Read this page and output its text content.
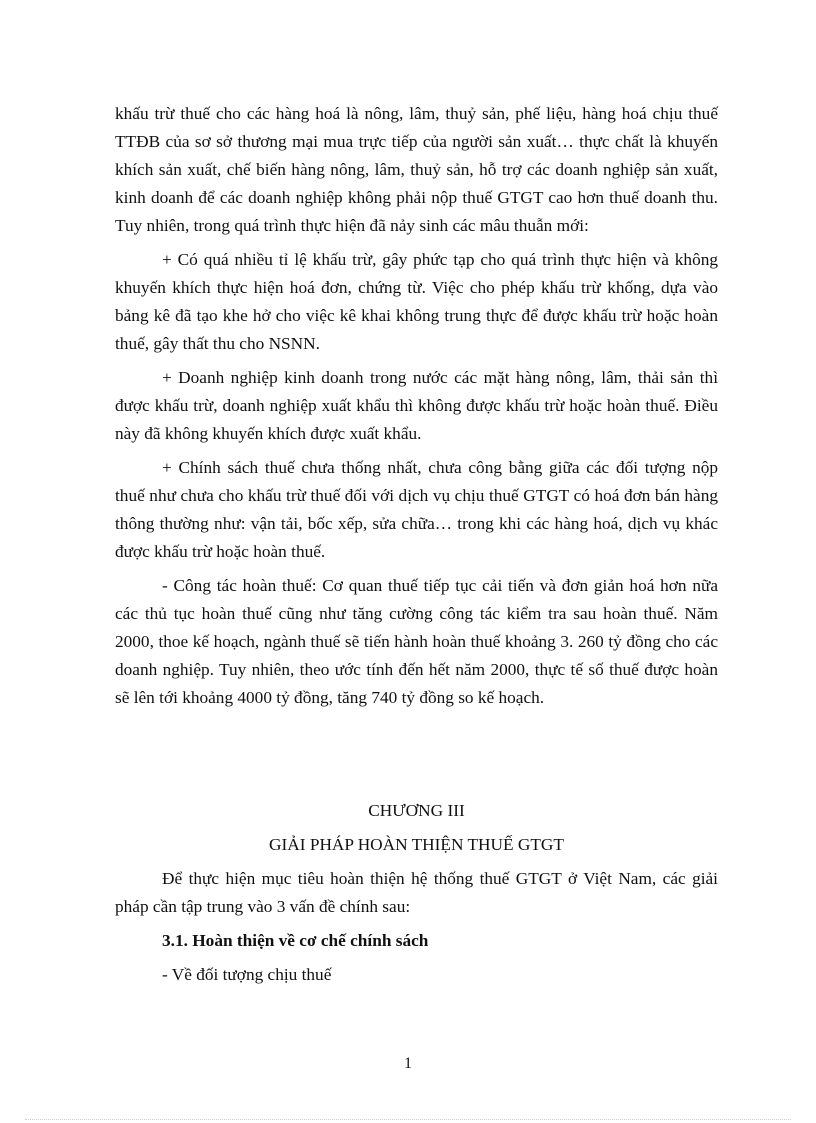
khấu trừ thuế cho các hàng hoá là nông, lâm, thuỷ sản, phế liệu, hàng hoá chịu thuế TTĐB của sơ sở thương mại mua trực tiếp của người sản xuất… thực chất là khuyến khích sản xuất, chế biến hàng nông, lâm, thuỷ sản, hỗ trợ các doanh nghiệp sản xuất, kinh doanh để các doanh nghiệp không phải nộp thuế GTGT cao hơn thuế doanh thu. Tuy nhiên, trong quá trình thực hiện đã nảy sinh các mâu thuẫn mới:

+ Có quá nhiều tỉ lệ khấu trừ, gây phức tạp cho quá trình thực hiện và không khuyến khích thực hiện hoá đơn, chứng từ. Việc cho phép khấu trừ khống, dựa vào bảng kê đã tạo khe hở cho việc kê khai không trung thực để được khấu trừ hoặc hoàn thuế, gây thất thu cho NSNN.

+ Doanh nghiệp kinh doanh trong nước các mặt hàng nông, lâm, thải sản thì được khấu trừ, doanh nghiệp xuất khẩu thì không được khấu trừ hoặc hoàn thuế. Điều này đã không khuyến khích được xuất khẩu.

+ Chính sách thuế chưa thống nhất, chưa công bằng giữa các đối tượng nộp thuế như chưa cho khấu trừ thuế đối với dịch vụ chịu thuế GTGT có hoá đơn bán hàng thông thường như: vận tải, bốc xếp, sửa chữa… trong khi các hàng hoá, dịch vụ khác được khấu trừ hoặc hoàn thuế.

- Công tác hoàn thuế: Cơ quan thuế tiếp tục cải tiến và đơn giản hoá hơn nữa các thủ tục hoàn thuế cũng như tăng cường công tác kiểm tra sau hoàn thuế. Năm 2000, thoe kế hoạch, ngành thuế sẽ tiến hành hoàn thuế khoảng 3. 260 tỷ đồng cho các doanh nghiệp. Tuy nhiên, theo ước tính đến hết năm 2000, thực tế số thuế được hoàn sẽ lên tới khoảng 4000 tỷ đồng, tăng 740 tỷ đồng so kế hoạch.

CHƯƠNG III

GIẢI PHÁP HOÀN THIỆN THUẾ GTGT

Để thực hiện mục tiêu hoàn thiện hệ thống thuế GTGT ở Việt Nam, các giải pháp cần tập trung vào 3 vấn đề chính sau:

3.1. Hoàn thiện về cơ chế chính sách

- Về đối tượng chịu thuế

1
